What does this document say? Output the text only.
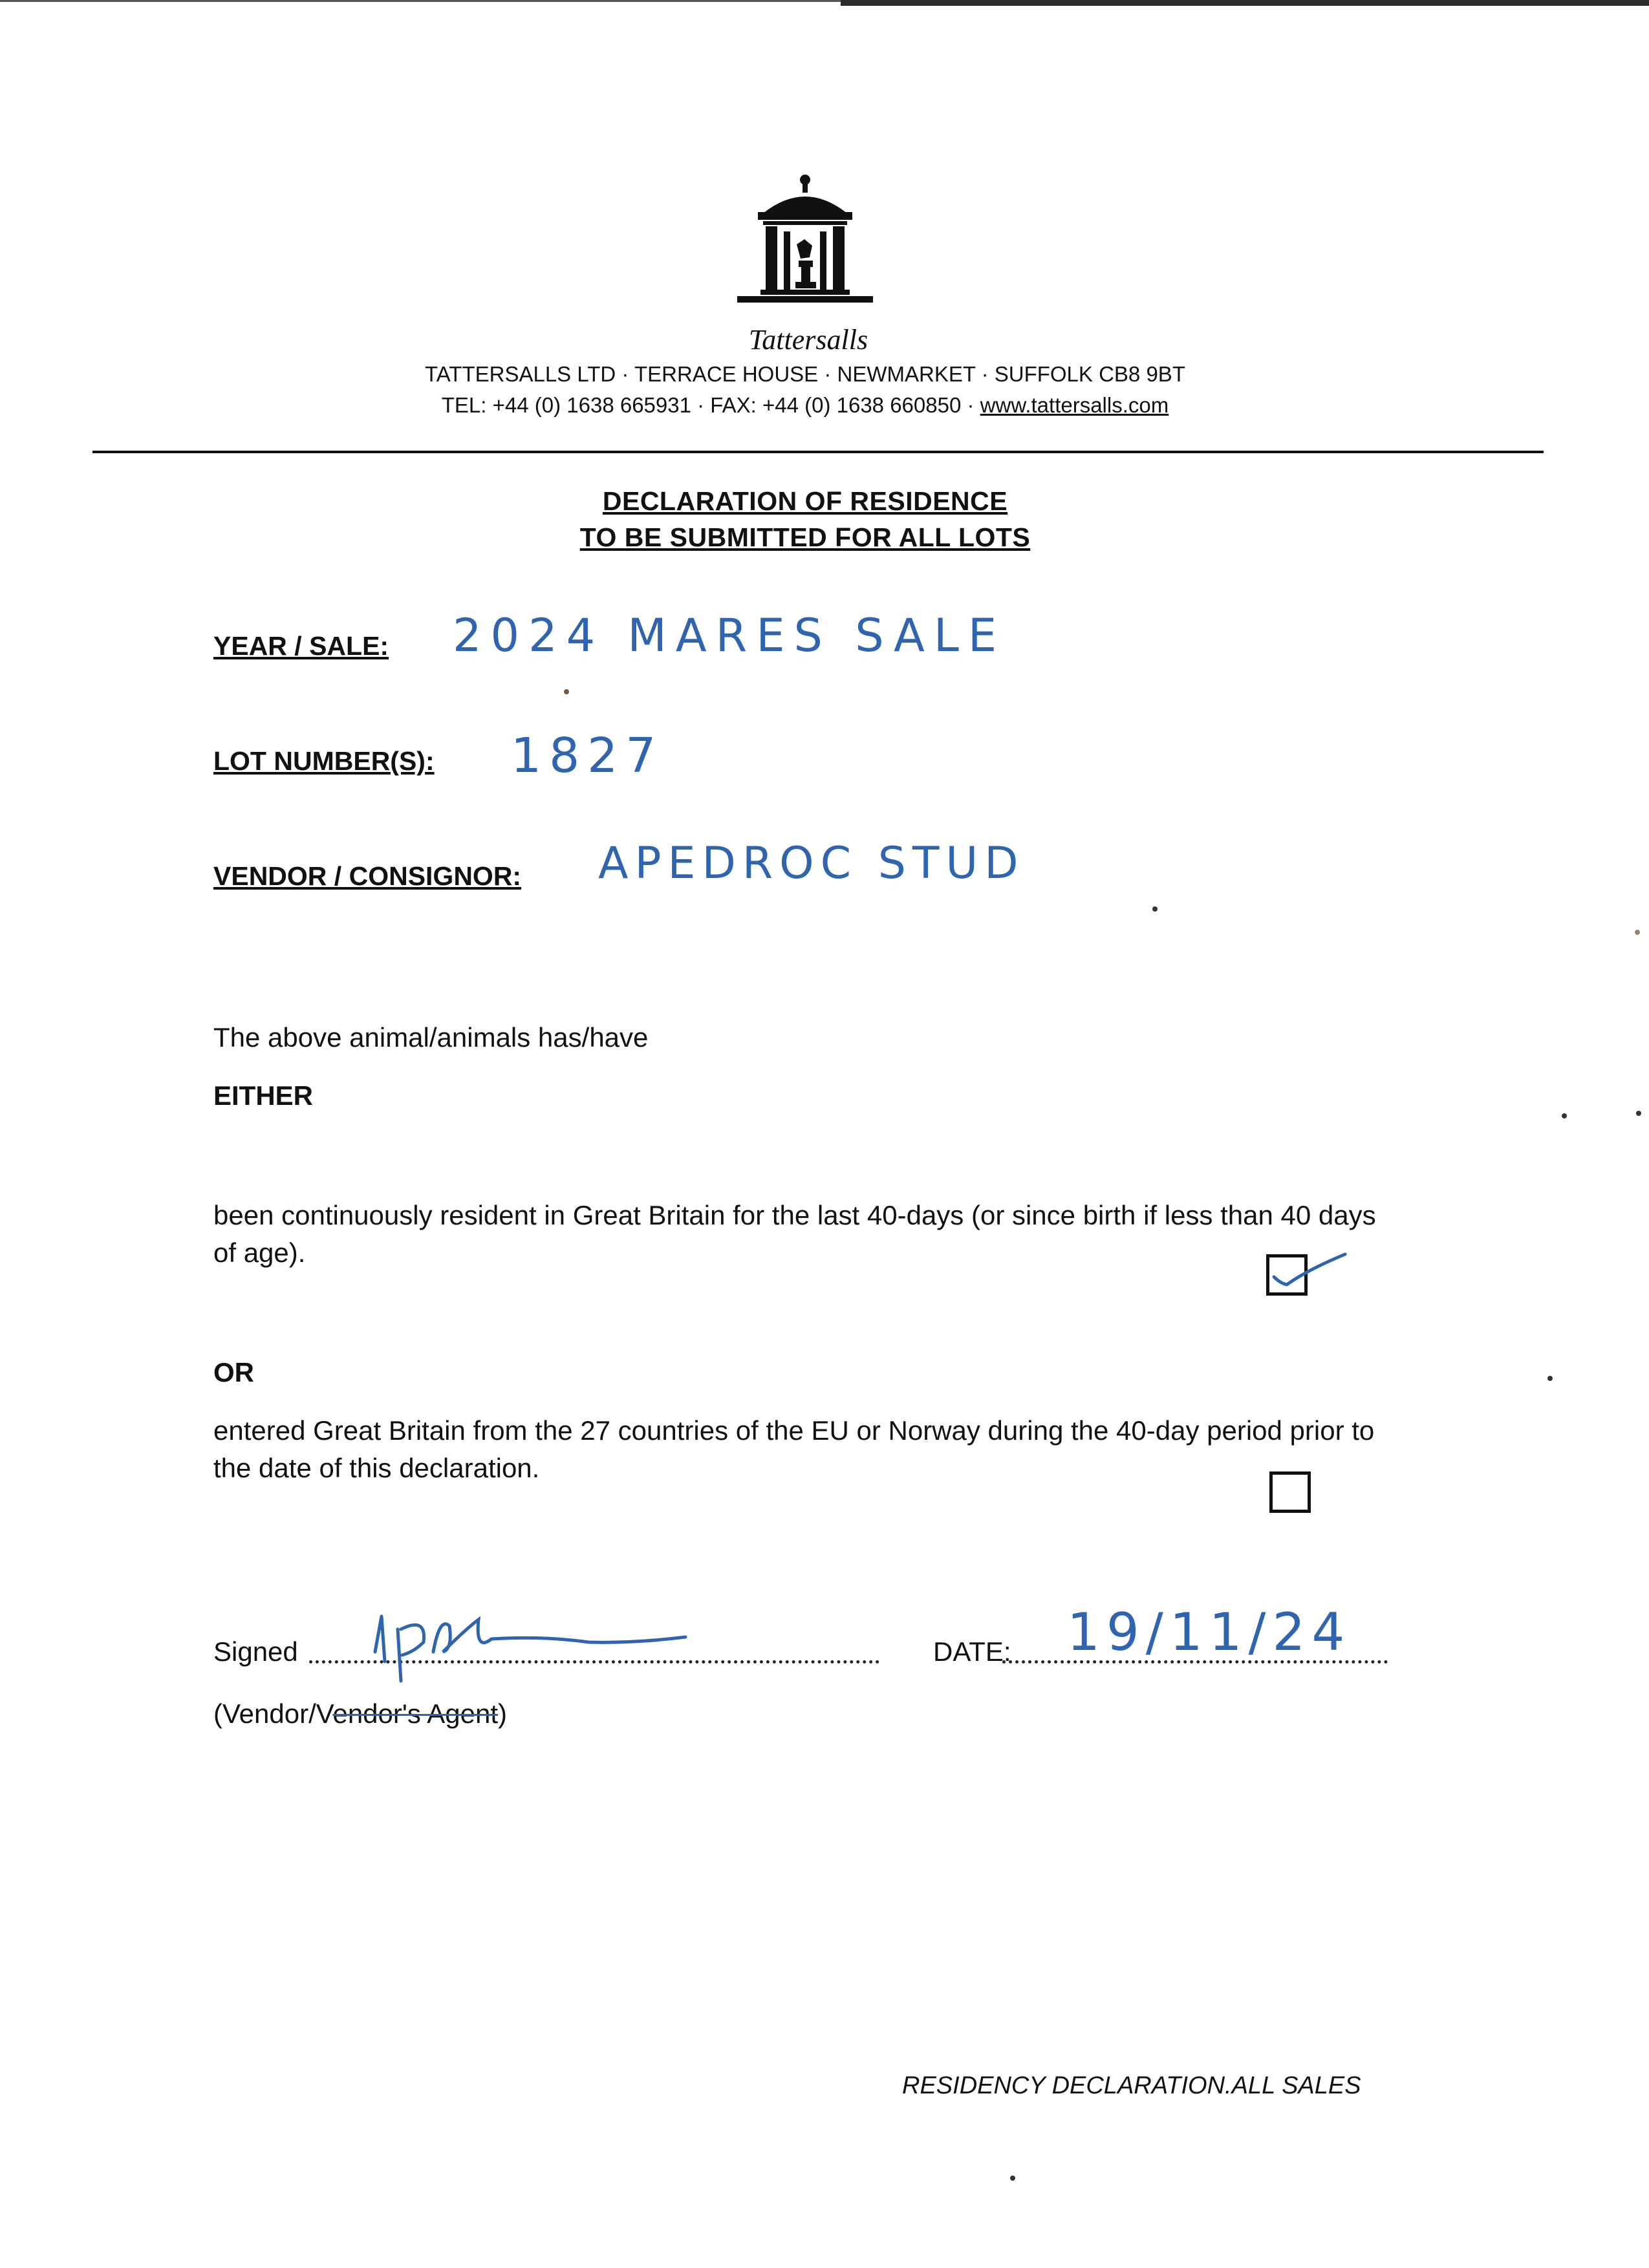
Tattersalls
TATTERSALLS LTD · TERRACE HOUSE · NEWMARKET · SUFFOLK CB8 9BT
TEL: +44 (0) 1638 665931 · FAX: +44 (0) 1638 660850 · www.tattersalls.com
DECLARATION OF RESIDENCE
TO BE SUBMITTED FOR ALL LOTS
YEAR / SALE: 2024 MARES SALE
LOT NUMBER(S): 1827
VENDOR / CONSIGNOR: APEDROC STUD
The above animal/animals has/have
EITHER
been continuously resident in Great Britain for the last 40-days (or since birth if less than 40 days of age).
OR
entered Great Britain from the 27 countries of the EU or Norway during the 40-day period prior to the date of this declaration.
Signed	DATE: 19/11/24
(Vendor/Vendor's Agent)
RESIDENCY DECLARATION.ALL SALES
